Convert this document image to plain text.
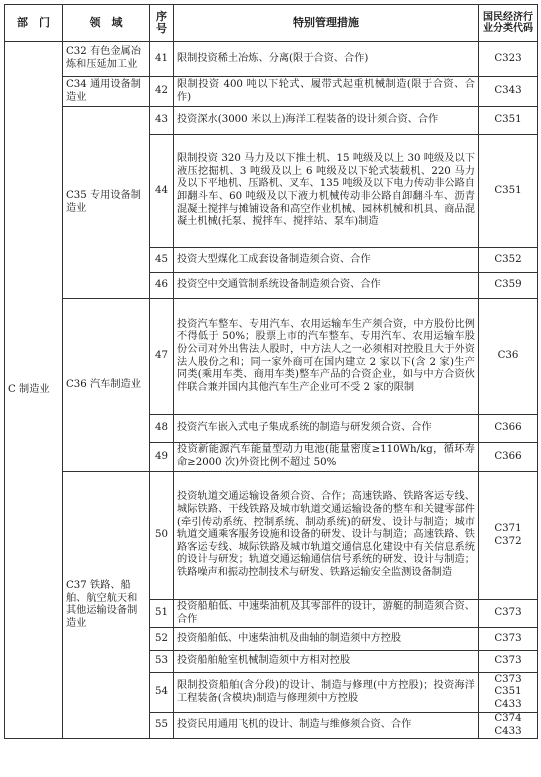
部　门	领　域	序号	特别管理措施	国民经济行业分类代码
C 制造业	C32 有色金属冶炼和压延加工业	41	限制投资稀土冶炼、分离(限于合资、合作)	C323
	C34 通用设备制造业	42	限制投资 400 吨以下轮式、履带式起重机械制造(限于合资、合作)	C343
	C35 专用设备制造业	43	投资深水(3000 米以上)海洋工程装备的设计须合资、合作	C351
		44	限制投资 320 马力及以下推土机、15 吨级及以上 30 吨级及以下液压挖掘机、3 吨级及以上 6 吨级及以下轮式装载机、220 马力及以下平地机、压路机、叉车、135 吨级及以下电力传动非公路自卸翻斗车、60 吨级及以下液力机械传动非公路自卸翻斗车、沥青混凝土搅拌与摊铺设备和高空作业机械、园林机械和机具、商品混凝土机械(托泵、搅拌车、搅拌站、泵车)制造	C351
		45	投资大型煤化工成套设备制造须合资、合作	C352
		46	投资空中交通管制系统设备制造须合资、合作	C359
	C36 汽车制造业	47	投资汽车整车、专用汽车、农用运输车生产须合资，中方股份比例不得低于 50%；股票上市的汽车整车、专用汽车、农用运输车股份公司对外出售法人股时，中方法人之一必须相对控股且大于外资法人股份之和；同一家外商可在国内建立 2 家以下(含 2 家)生产同类(乘用车类、商用车类)整车产品的合资企业，如与中方合资伙伴联合兼并国内其他汽车生产企业可不受 2 家的限制	C36
		48	投资汽车嵌入式电子集成系统的制造与研发须合资、合作	C366
		49	投资新能源汽车能量型动力电池(能量密度≥110Wh/kg，循环寿命≥2000 次)外资比例不超过 50%	C366
	C37 铁路、船舶、航空航天和其他运输设备制造业	50	投资轨道交通运输设备须合资、合作；高速铁路、铁路客运专线、城际铁路、干线铁路及城市轨道交通运输设备的整车和关键零部件(牵引传动系统、控制系统、制动系统)的研发、设计与制造；城市轨道交通乘客服务设施和设备的研发、设计与制造；高速铁路、铁路客运专线、城际铁路及城市轨道交通信息化建设中有关信息系统的设计与研发；轨道交通运输通信信号系统的研发、设计与制造；铁路噪声和振动控制技术与研发、铁路运输安全监测设备制造	C371
C372
		51	投资船舶低、中速柴油机及其零部件的设计，游艇的制造须合资、合作	C373
		52	投资船舶低、中速柴油机及曲轴的制造须中方控股	C373
		53	投资船舶舱室机械制造须中方相对控股	C373
		54	限制投资船舶(含分段)的设计、制造与修理(中方控股)；投资海洋工程装备(含模块)制造与修理须中方控股	C373
C351
C433
		55	投资民用通用飞机的设计、制造与维修须合资、合作	C374
C433
